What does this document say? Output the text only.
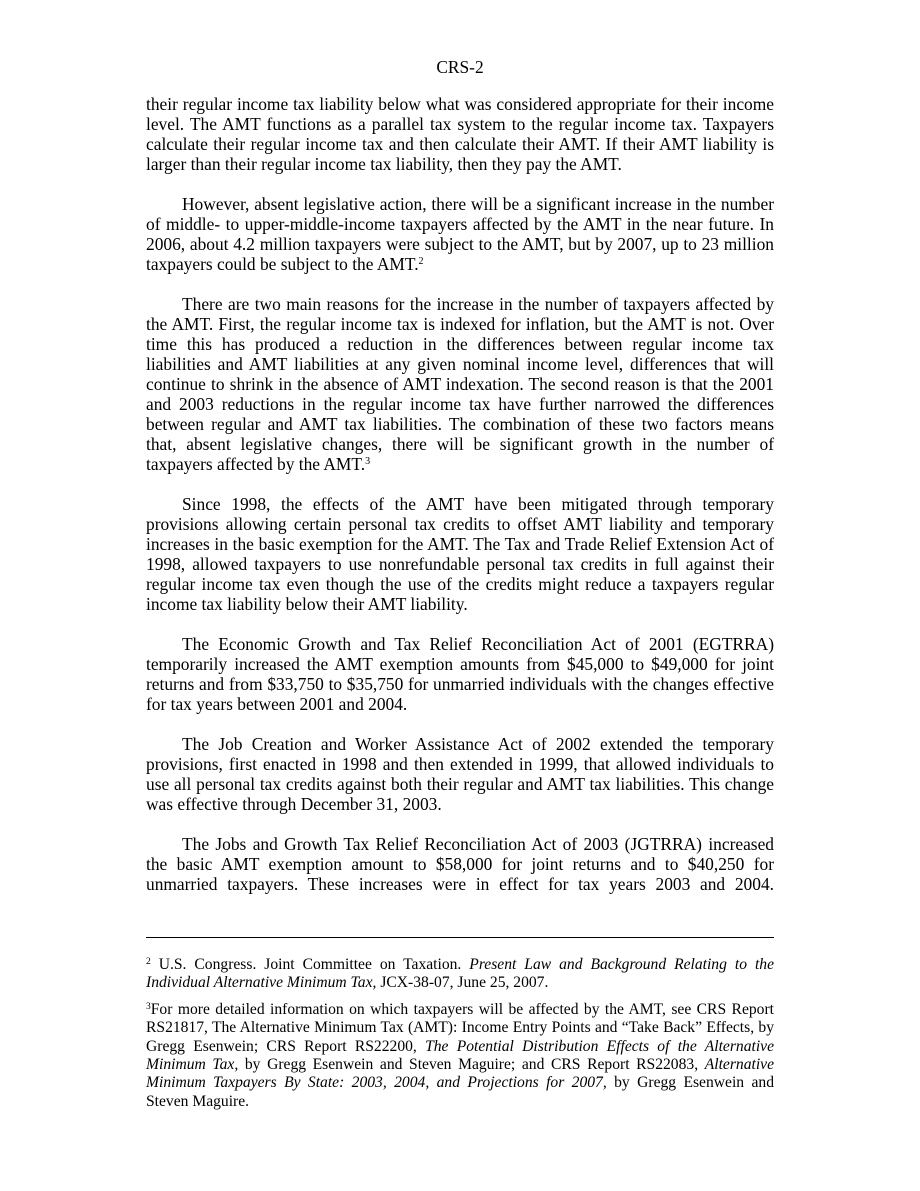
CRS-2

their regular income tax liability below what was considered appropriate for their income level. The AMT functions as a parallel tax system to the regular income tax. Taxpayers calculate their regular income tax and then calculate their AMT. If their AMT liability is larger than their regular income tax liability, then they pay the AMT.

However, absent legislative action, there will be a significant increase in the number of middle- to upper-middle-income taxpayers affected by the AMT in the near future. In 2006, about 4.2 million taxpayers were subject to the AMT, but by 2007, up to 23 million taxpayers could be subject to the AMT.$^2$

There are two main reasons for the increase in the number of taxpayers affected by the AMT. First, the regular income tax is indexed for inflation, but the AMT is not. Over time this has produced a reduction in the differences between regular income tax liabilities and AMT liabilities at any given nominal income level, differences that will continue to shrink in the absence of AMT indexation. The second reason is that the 2001 and 2003 reductions in the regular income tax have further narrowed the differences between regular and AMT tax liabilities. The combination of these two factors means that, absent legislative changes, there will be significant growth in the number of taxpayers affected by the AMT.$^3$

Since 1998, the effects of the AMT have been mitigated through temporary provisions allowing certain personal tax credits to offset AMT liability and temporary increases in the basic exemption for the AMT. The Tax and Trade Relief Extension Act of 1998, allowed taxpayers to use nonrefundable personal tax credits in full against their regular income tax even though the use of the credits might reduce a taxpayers regular income tax liability below their AMT liability.

The Economic Growth and Tax Relief Reconciliation Act of 2001 (EGTRRA) temporarily increased the AMT exemption amounts from $45,000 to $49,000 for joint returns and from $33,750 to $35,750 for unmarried individuals with the changes effective for tax years between 2001 and 2004.

The Job Creation and Worker Assistance Act of 2002 extended the temporary provisions, first enacted in 1998 and then extended in 1999, that allowed individuals to use all personal tax credits against both their regular and AMT tax liabilities. This change was effective through December 31, 2003.

The Jobs and Growth Tax Relief Reconciliation Act of 2003 (JGTRRA) increased the basic AMT exemption amount to $58,000 for joint returns and to $40,250 for unmarried taxpayers. These increases were in effect for tax years 2003 and 2004.

$^2$ U.S. Congress. Joint Committee on Taxation. Present Law and Background Relating to the Individual Alternative Minimum Tax, JCX-38-07, June 25, 2007.

$^3$For more detailed information on which taxpayers will be affected by the AMT, see CRS Report RS21817, The Alternative Minimum Tax (AMT): Income Entry Points and “Take Back” Effects, by Gregg Esenwein; CRS Report RS22200, The Potential Distribution Effects of the Alternative Minimum Tax, by Gregg Esenwein and Steven Maguire; and CRS Report RS22083, Alternative Minimum Taxpayers By State: 2003, 2004, and Projections for 2007, by Gregg Esenwein and Steven Maguire.
